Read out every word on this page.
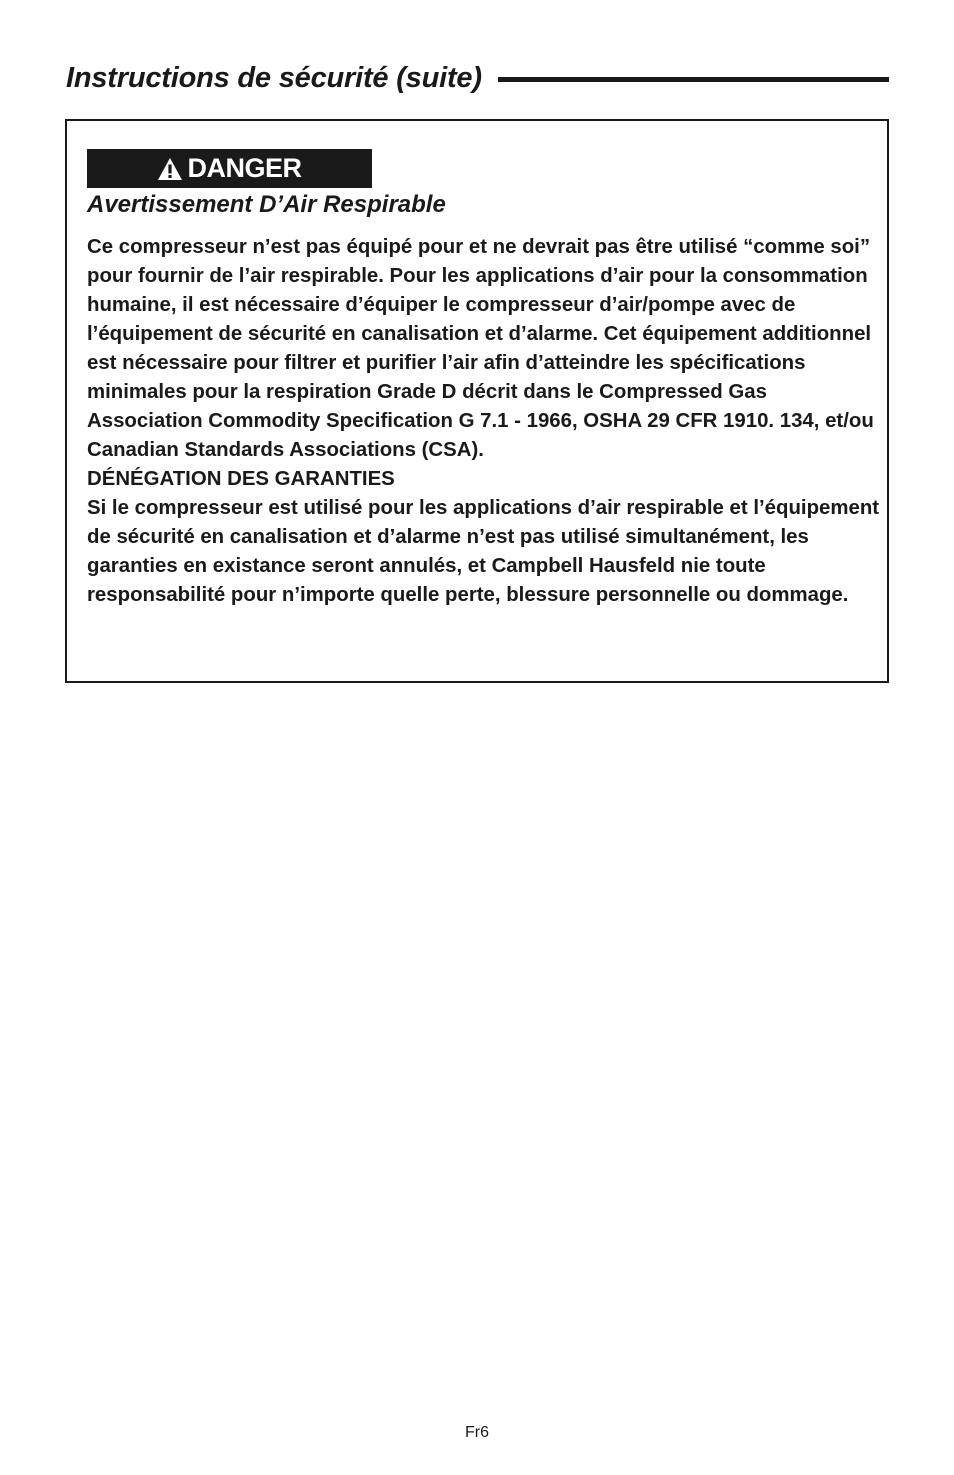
Instructions de sécurité (suite)
DANGER
Avertissement D’Air Respirable

Ce compresseur n’est pas équipé pour et ne devrait pas être utilisé “comme soi” pour fournir de l’air respirable. Pour les applications d’air pour la consommation humaine, il est nécessaire d’équiper le compresseur d’air/pompe avec de l’équipement de sécurité en canalisation et d’alarme. Cet équipement additionnel est nécessaire pour filtrer et purifier l’air afin d’atteindre les spécifications minimales pour la respiration Grade D décrit dans le Compressed Gas Association Commodity Specification G 7.1 - 1966, OSHA 29 CFR 1910. 134, et/ou Canadian Standards Associations (CSA).

DÉNÉGATION DES GARANTIES

Si le compresseur est utilisé pour les applications d’air respirable et l’équipement de sécurité en canalisation et d’alarme n’est pas utilisé simultanément, les garanties en existance seront annulés, et Campbell Hausfeld nie toute responsabilité pour n’importe quelle perte, blessure personnelle ou dommage.

Fr6
